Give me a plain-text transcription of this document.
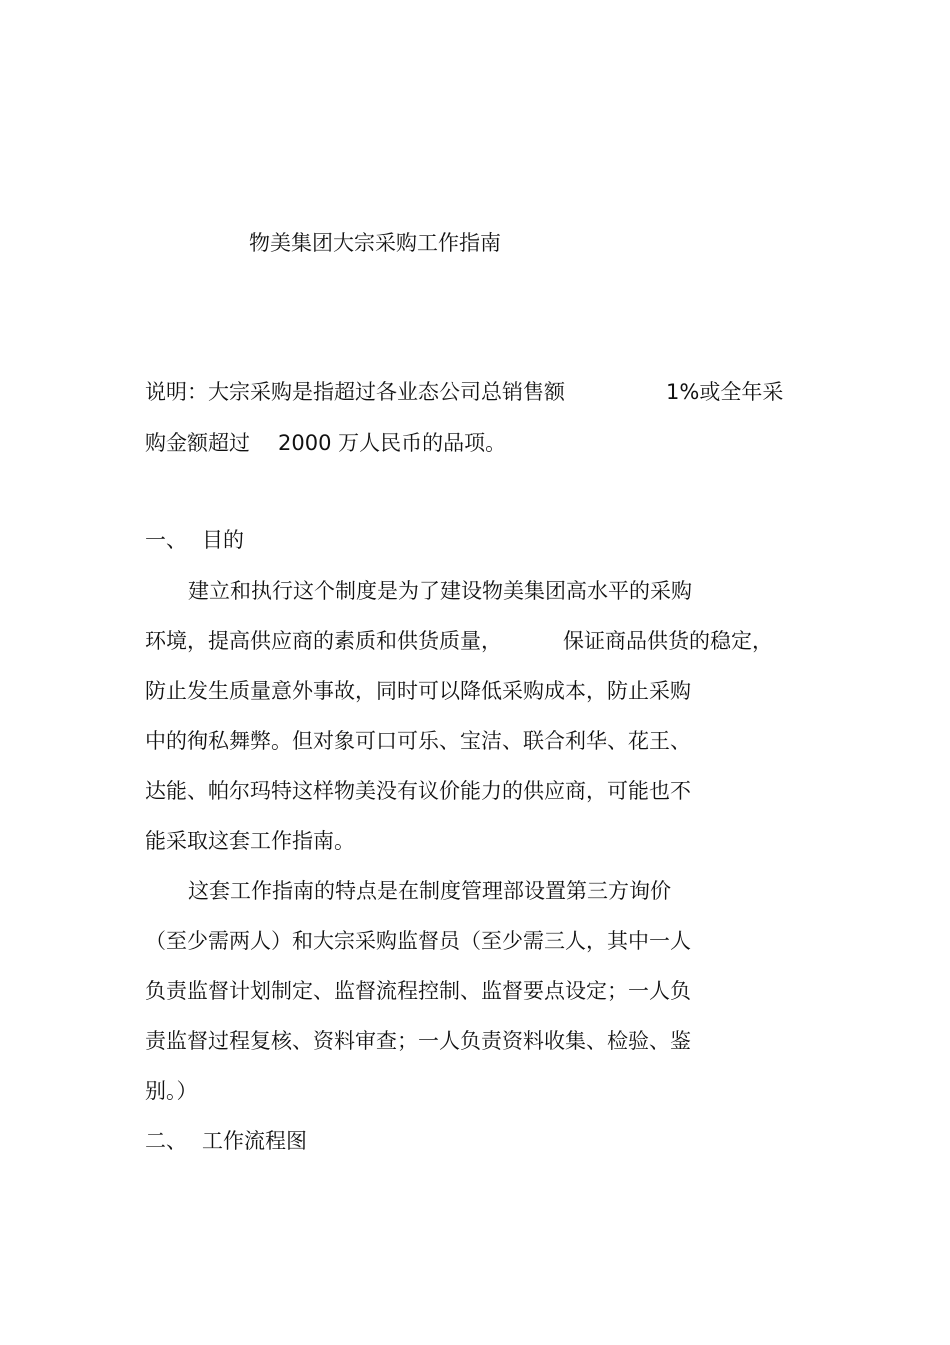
物美集团大宗采购工作指南
说明：大宗采购是指超过各业态公司总销售额	1%或全年采
购金额超过 2000 万人民币的品项。
一、 目的
建立和执行这个制度是为了建设物美集团高水平的采购
环境，提高供应商的素质和供货质量，	保证商品供货的稳定，
防止发生质量意外事故，同时可以降低采购成本，防止采购
中的徇私舞弊。但对象可口可乐、宝洁、联合利华、花王、
达能、帕尔玛特这样物美没有议价能力的供应商，可能也不
能采取这套工作指南。
这套工作指南的特点是在制度管理部设置第三方询价
（至少需两人）和大宗采购监督员（至少需三人，其中一人
负责监督计划制定、监督流程控制、监督要点设定；一人负
责监督过程复核、资料审查；一人负责资料收集、检验、鉴
别。）
二、 工作流程图
